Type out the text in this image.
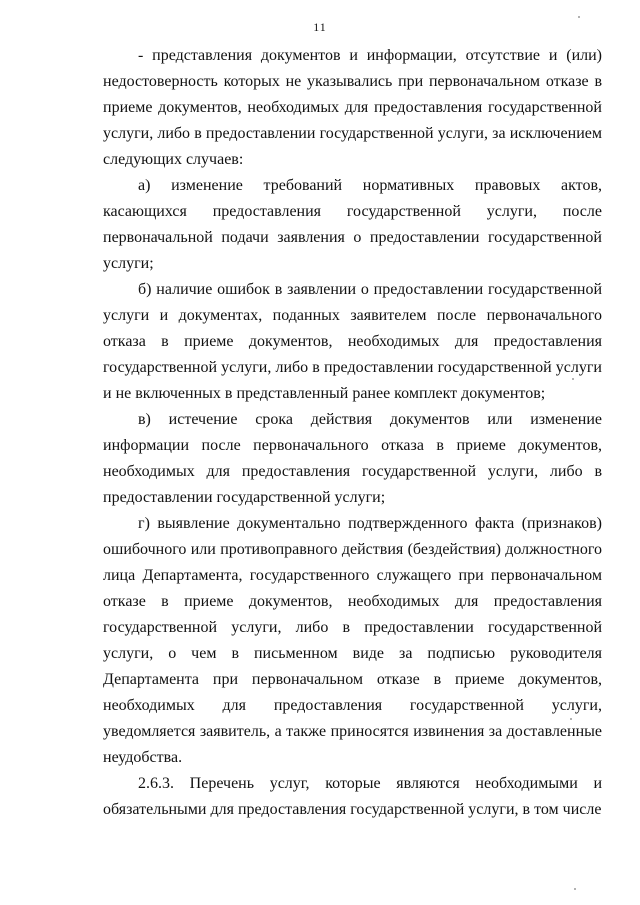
11

- представления документов и информации, отсутствие и (или) недостоверность которых не указывались при первоначальном отказе в приеме документов, необходимых для предоставления государственной услуги, либо в предоставлении государственной услуги, за исключением следующих случаев:

а) изменение требований нормативных правовых актов, касающихся предоставления государственной услуги, после первоначальной подачи заявления о предоставлении государственной услуги;

б) наличие ошибок в заявлении о предоставлении государственной услуги и документах, поданных заявителем после первоначального отказа в приеме документов, необходимых для предоставления государственной услуги, либо в предоставлении государственной услуги и не включенных в представленный ранее комплект документов;

в) истечение срока действия документов или изменение информации после первоначального отказа в приеме документов, необходимых для предоставления государственной услуги, либо в предоставлении государственной услуги;

г) выявление документально подтвержденного факта (признаков) ошибочного или противоправного действия (бездействия) должностного лица Департамента, государственного служащего при первоначальном отказе в приеме документов, необходимых для предоставления государственной услуги, либо в предоставлении государственной услуги, о чем в письменном виде за подписью руководителя Департамента при первоначальном отказе в приеме документов, необходимых для предоставления государственной услуги, уведомляется заявитель, а также приносятся извинения за доставленные неудобства.

2.6.3. Перечень услуг, которые являются необходимыми и обязательными для предоставления государственной услуги, в том числе
